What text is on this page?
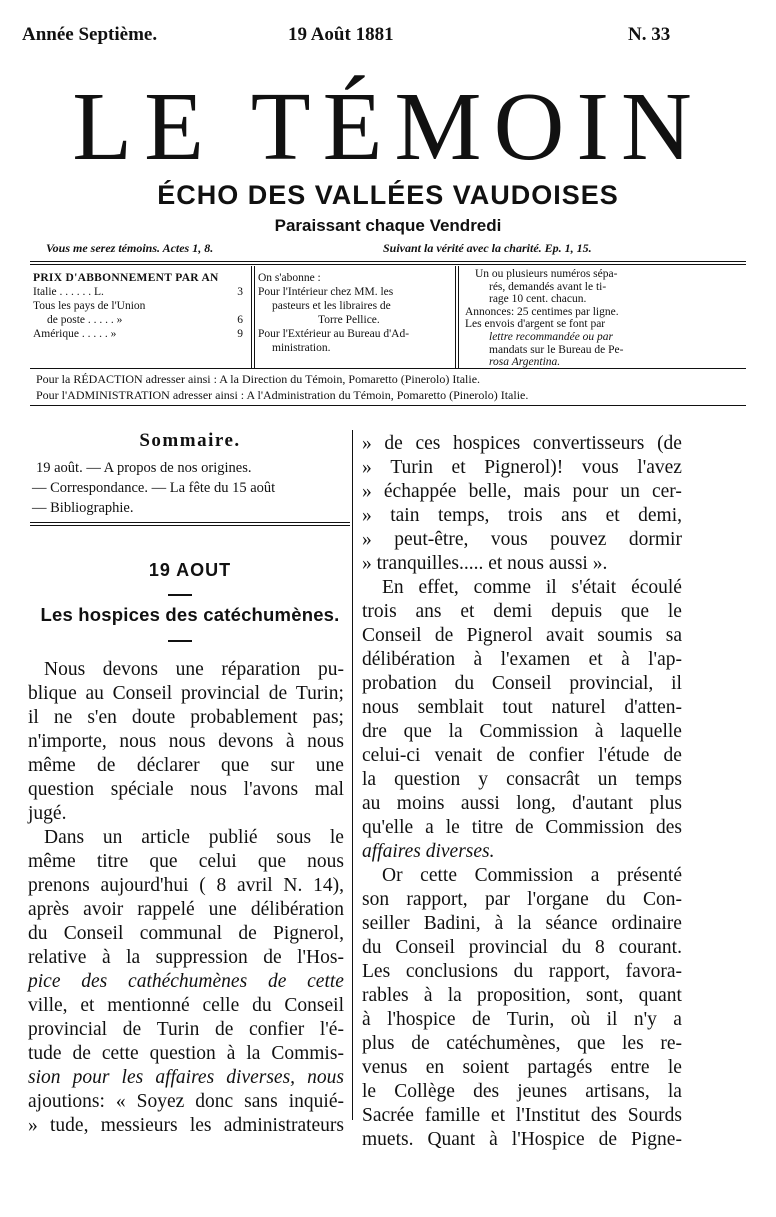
Année Septième.	19 Août 1881	N. 33
LE TÉMOIN
ÉCHO DES VALLÉES VAUDOISES
Paraissant chaque Vendredi
Vous me serez témoins. Actes 1, 8.	Suivant la vérité avec la charité. Ep. 1, 15.
PRIX D'ABBONNEMENT PAR AN
Italie . . . . . . L.	3
Tous les pays de l'Union
de poste . . . . . »	6
Amérique . . . . . »	9
On s'abonne :
Pour l'Intérieur chez MM. les
pasteurs et les libraires de
Torre Pellice.
Pour l'Extérieur au Bureau d'Ad-
ministration.
Un ou plusieurs numéros sépa-
rés, demandés avant le ti-
rage 10 cent. chacun.
Annonces: 25 centimes par ligne.
Les envois d'argent se font par
lettre recommandée ou par
mandats sur le Bureau de Pe-
rosa Argentina.
Pour la RÉDACTION adresser ainsi : A la Direction du Témoin, Pomaretto (Pinerolo) Italie.
Pour l'ADMINISTRATION adresser ainsi : A l'Administration du Témoin, Pomaretto (Pinerolo) Italie.
Sommaire.
19 août. — A propos de nos origines.
— Correspondance. — La fête du 15 août
— Bibliographie.
19 AOUT
Les hospices des catéchumènes.
Nous devons une réparation pu-
blique au Conseil provincial de Turin;
il ne s'en doute probablement pas;
n'importe, nous nous devons à nous
même de déclarer que sur une
question spéciale nous l'avons mal
jugé.
Dans un article publié sous le
même titre que celui que nous
prenons aujourd'hui ( 8 avril N. 14),
après avoir rappelé une délibération
du Conseil communal de Pignerol,
relative à la suppression de l'Hos-
pice des cathéchumènes de cette
ville, et mentionné celle du Conseil
provincial de Turin de confier l'é-
tude de cette question à la Commis-
sion pour les affaires diverses, nous
ajoutions: « Soyez donc sans inquié-
» tude, messieurs les administrateurs
» de ces hospices convertisseurs (de
» Turin et Pignerol)! vous l'avez
» échappée belle, mais pour un cer-
» tain temps, trois ans et demi,
» peut-être, vous pouvez dormir
» tranquilles..... et nous aussi ».
En effet, comme il s'était écoulé
trois ans et demi depuis que le
Conseil de Pignerol avait soumis sa
délibération à l'examen et à l'ap-
probation du Conseil provincial, il
nous semblait tout naturel d'atten-
dre que la Commission à laquelle
celui-ci venait de confier l'étude de
la question y consacrât un temps
au moins aussi long, d'autant plus
qu'elle a le titre de Commission des
affaires diverses.
Or cette Commission a présenté
son rapport, par l'organe du Con-
seiller Badini, à la séance ordinaire
du Conseil provincial du 8 courant.
Les conclusions du rapport, favora-
rables à la proposition, sont, quant
à l'hospice de Turin, où il n'y a
plus de catéchumènes, que les re-
venus en soient partagés entre le
le Collège des jeunes artisans, la
Sacrée famille et l'Institut des Sourds
muets. Quant à l'Hospice de Pigne-
